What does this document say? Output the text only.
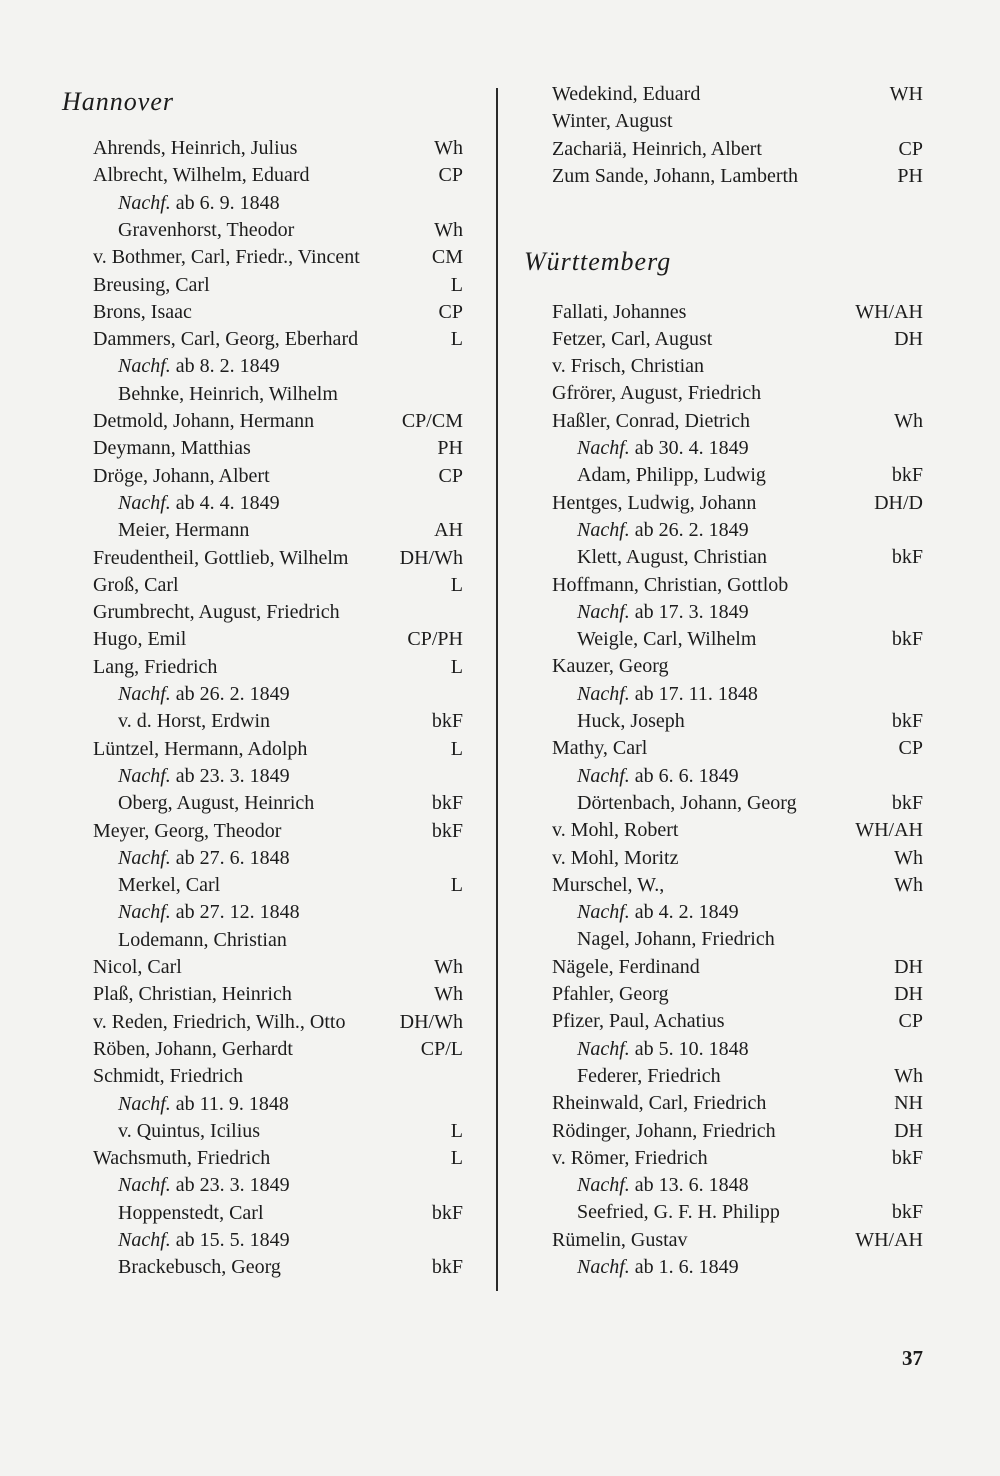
Hannover
Ahrends, Heinrich, Julius	Wh
Albrecht, Wilhelm, Eduard	CP
Nachf. ab 6. 9. 1848
Gravenhorst, Theodor	Wh
v. Bothmer, Carl, Friedr., Vincent	CM
Breusing, Carl	L
Brons, Isaac	CP
Dammers, Carl, Georg, Eberhard	L
Nachf. ab 8. 2. 1849
Behnke, Heinrich, Wilhelm
Detmold, Johann, Hermann	CP/CM
Deymann, Matthias	PH
Dröge, Johann, Albert	CP
Nachf. ab 4. 4. 1849
Meier, Hermann	AH
Freudentheil, Gottlieb, Wilhelm	DH/Wh
Groß, Carl	L
Grumbrecht, August, Friedrich
Hugo, Emil	CP/PH
Lang, Friedrich	L
Nachf. ab 26. 2. 1849
v. d. Horst, Erdwin	bkF
Lüntzel, Hermann, Adolph	L
Nachf. ab 23. 3. 1849
Oberg, August, Heinrich	bkF
Meyer, Georg, Theodor	bkF
Nachf. ab 27. 6. 1848
Merkel, Carl	L
Nachf. ab 27. 12. 1848
Lodemann, Christian
Nicol, Carl	Wh
Plaß, Christian, Heinrich	Wh
v. Reden, Friedrich, Wilh., Otto	DH/Wh
Röben, Johann, Gerhardt	CP/L
Schmidt, Friedrich
Nachf. ab 11. 9. 1848
v. Quintus, Icilius	L
Wachsmuth, Friedrich	L
Nachf. ab 23. 3. 1849
Hoppenstedt, Carl	bkF
Nachf. ab 15. 5. 1849
Brackebusch, Georg	bkF
Wedekind, Eduard	WH
Winter, August
Zachariä, Heinrich, Albert	CP
Zum Sande, Johann, Lamberth	PH
Fallati, Johannes	WH/AH
Fetzer, Carl, August	DH
v. Frisch, Christian
Gfrörer, August, Friedrich
Haßler, Conrad, Dietrich	Wh
Nachf. ab 30. 4. 1849
Adam, Philipp, Ludwig	bkF
Hentges, Ludwig, Johann	DH/D
Nachf. ab 26. 2. 1849
Klett, August, Christian	bkF
Hoffmann, Christian, Gottlob
Nachf. ab 17. 3. 1849
Weigle, Carl, Wilhelm	bkF
Kauzer, Georg
Nachf. ab 17. 11. 1848
Huck, Joseph	bkF
Mathy, Carl	CP
Nachf. ab 6. 6. 1849
Dörtenbach, Johann, Georg	bkF
v. Mohl, Robert	WH/AH
v. Mohl, Moritz	Wh
Murschel, W.,	Wh
Nachf. ab 4. 2. 1849
Nagel, Johann, Friedrich
Nägele, Ferdinand	DH
Pfahler, Georg	DH
Pfizer, Paul, Achatius	CP
Nachf. ab 5. 10. 1848
Federer, Friedrich	Wh
Rheinwald, Carl, Friedrich	NH
Rödinger, Johann, Friedrich	DH
v. Römer, Friedrich	bkF
Nachf. ab 13. 6. 1848
Seefried, G. F. H. Philipp	bkF
Rümelin, Gustav	WH/AH
Nachf. ab 1. 6. 1849
Württemberg
37
